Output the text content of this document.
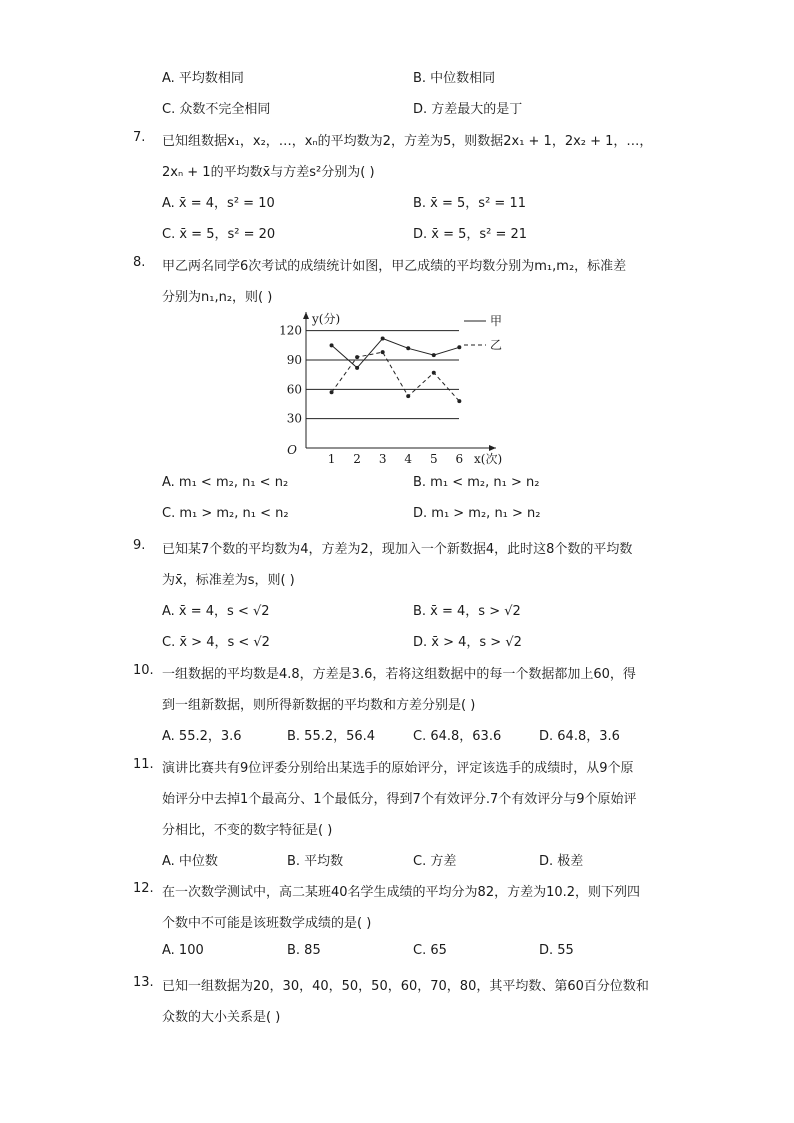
A. 平均数相同	B. 中位数相同
C. 众数不完全相同	D. 方差最大的是丁
7. 已知组数据x₁，x₂，…，xₙ的平均数为2，方差为5，则数据2x₁ + 1，2x₂ + 1，…，
2xₙ + 1的平均数x̄与方差s²分别为( )
A. x̄ = 4，s² = 10	B. x̄ = 5，s² = 11
C. x̄ = 5，s² = 20	D. x̄ = 5，s² = 21
8. 甲乙两名同学6次考试的成绩统计如图，甲乙成绩的平均数分别为m₁,m₂，标准差
分别为n₁,n₂，则( )
30
60
90
120
1 2 3 4 5 6
O
y(分)
x(次)
甲
乙
A. m₁ < m₂, n₁ < n₂	B. m₁ < m₂, n₁ > n₂
C. m₁ > m₂, n₁ < n₂	D. m₁ > m₂, n₁ > n₂
9. 已知某7个数的平均数为4，方差为2，现加入一个新数据4，此时这8个数的平均数
为x̄，标准差为s，则( )
A. x̄ = 4，s < √2	B. x̄ = 4，s > √2
C. x̄ > 4，s < √2	D. x̄ > 4，s > √2
10. 一组数据的平均数是4.8，方差是3.6，若将这组数据中的每一个数据都加上60，得
到一组新数据，则所得新数据的平均数和方差分别是( )
A. 55.2，3.6	B. 55.2，56.4	C. 64.8，63.6	D. 64.8，3.6
11. 演讲比赛共有9位评委分别给出某选手的原始评分，评定该选手的成绩时，从9个原
始评分中去掉1个最高分、1个最低分，得到7个有效评分.7个有效评分与9个原始评
分相比，不变的数字特征是( )
A. 中位数	B. 平均数	C. 方差	D. 极差
12. 在一次数学测试中，高二某班40名学生成绩的平均分为82，方差为10.2，则下列四
个数中不可能是该班数学成绩的是( )
A. 100	B. 85	C. 65	D. 55
13. 已知一组数据为20，30，40，50，50，60，70，80，其平均数、第60百分位数和
众数的大小关系是( )
